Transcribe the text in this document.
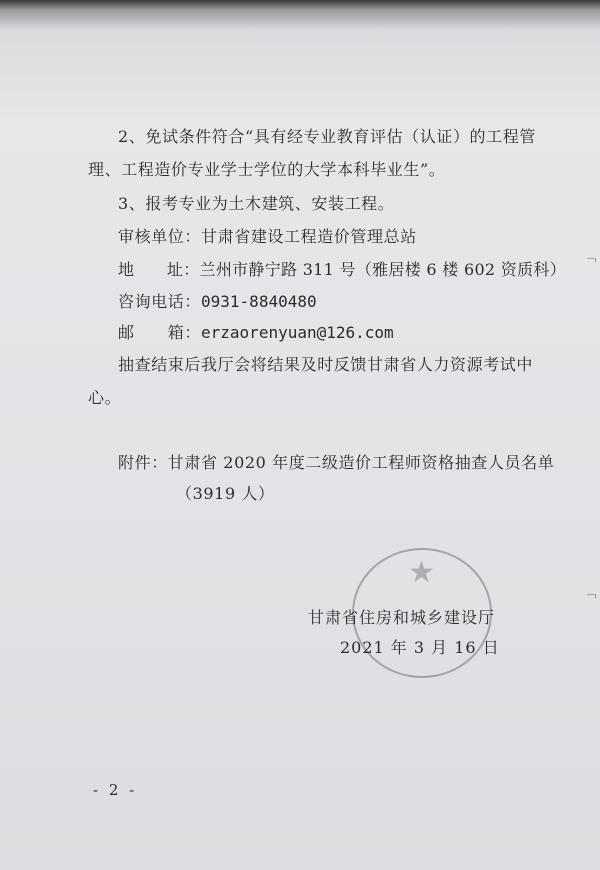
2、免试条件符合“具有经专业教育评估（认证）的工程管
理、工程造价专业学士学位的大学本科毕业生”。
3、报考专业为土木建筑、安装工程。
审核单位：甘肃省建设工程造价管理总站
地　　址：兰州市静宁路 311 号（雅居楼 6 楼 602 资质科）
咨询电话：0931-8840480
邮　　箱：erzaorenyuan@126.com
抽查结束后我厅会将结果及时反馈甘肃省人力资源考试中
心。
附件：甘肃省 2020 年度二级造价工程师资格抽查人员名单
（3919 人）
★
甘肃省住房和城乡建设厅
2021 年 3 月 16 日
- 2 -
﹁
﹁
